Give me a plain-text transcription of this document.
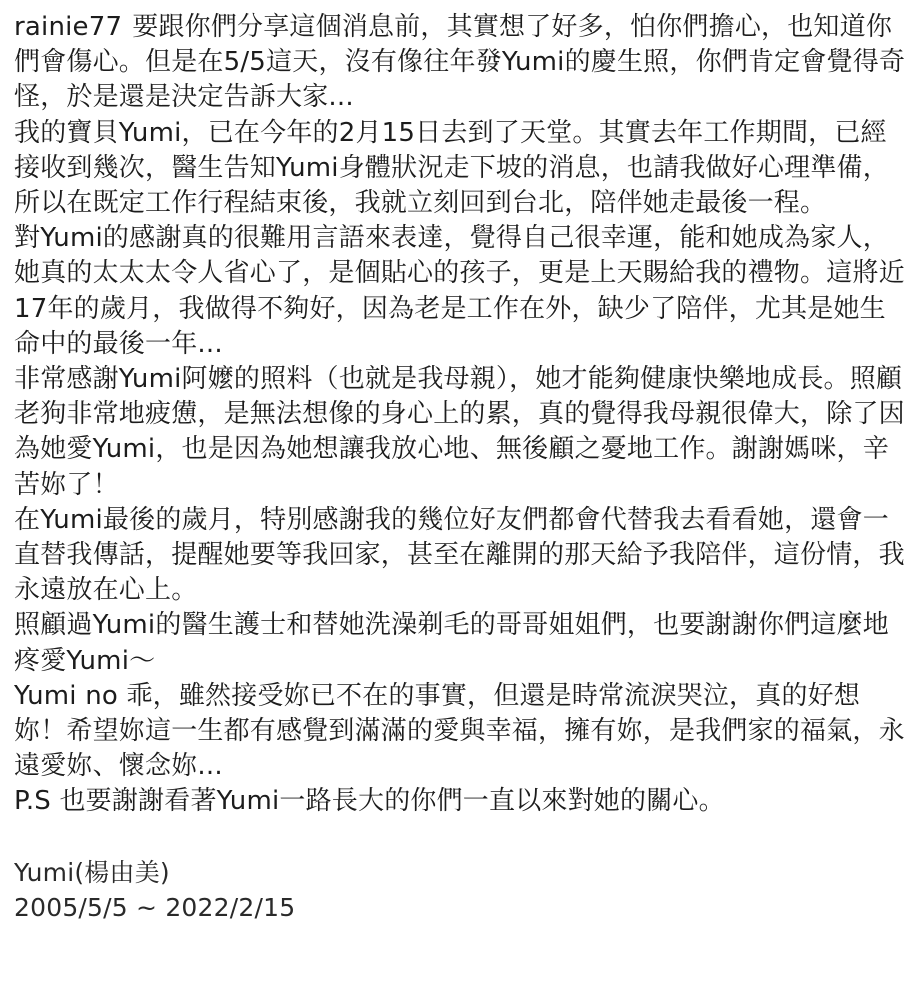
rainie77 要跟你們分享這個消息前，其實想了好多，怕你們擔心，也知道你們會傷心。但是在5/5這天，沒有像往年發Yumi的慶生照，你們肯定會覺得奇怪，於是還是決定告訴大家...

我的寶貝Yumi，已在今年的2月15日去到了天堂。其實去年工作期間，已經接收到幾次，醫生告知Yumi身體狀況走下坡的消息，也請我做好心理準備，所以在既定工作行程結束後，我就立刻回到台北，陪伴她走最後一程。

對Yumi的感謝真的很難用言語來表達，覺得自己很幸運，能和她成為家人，她真的太太太令人省心了，是個貼心的孩子，更是上天賜給我的禮物。這將近17年的歲月，我做得不夠好，因為老是工作在外，缺少了陪伴，尤其是她生命中的最後一年...

非常感謝Yumi阿嬤的照料（也就是我母親），她才能夠健康快樂地成長。照顧老狗非常地疲憊，是無法想像的身心上的累，真的覺得我母親很偉大，除了因為她愛Yumi，也是因為她想讓我放心地、無後顧之憂地工作。謝謝媽咪，辛苦妳了！

在Yumi最後的歲月，特別感謝我的幾位好友們都會代替我去看看她，還會一直替我傳話，提醒她要等我回家，甚至在離開的那天給予我陪伴，這份情，我永遠放在心上。

照顧過Yumi的醫生護士和替她洗澡剃毛的哥哥姐姐們，也要謝謝你們這麼地疼愛Yumi～

Yumi no 乖，雖然接受妳已不在的事實，但還是時常流淚哭泣，真的好想妳！希望妳這一生都有感覺到滿滿的愛與幸福，擁有妳，是我們家的福氣，永遠愛妳、懷念妳...

P.S 也要謝謝看著Yumi一路長大的你們一直以來對她的關心。

Yumi(楊由美)

2005/5/5 ~ 2022/2/15
